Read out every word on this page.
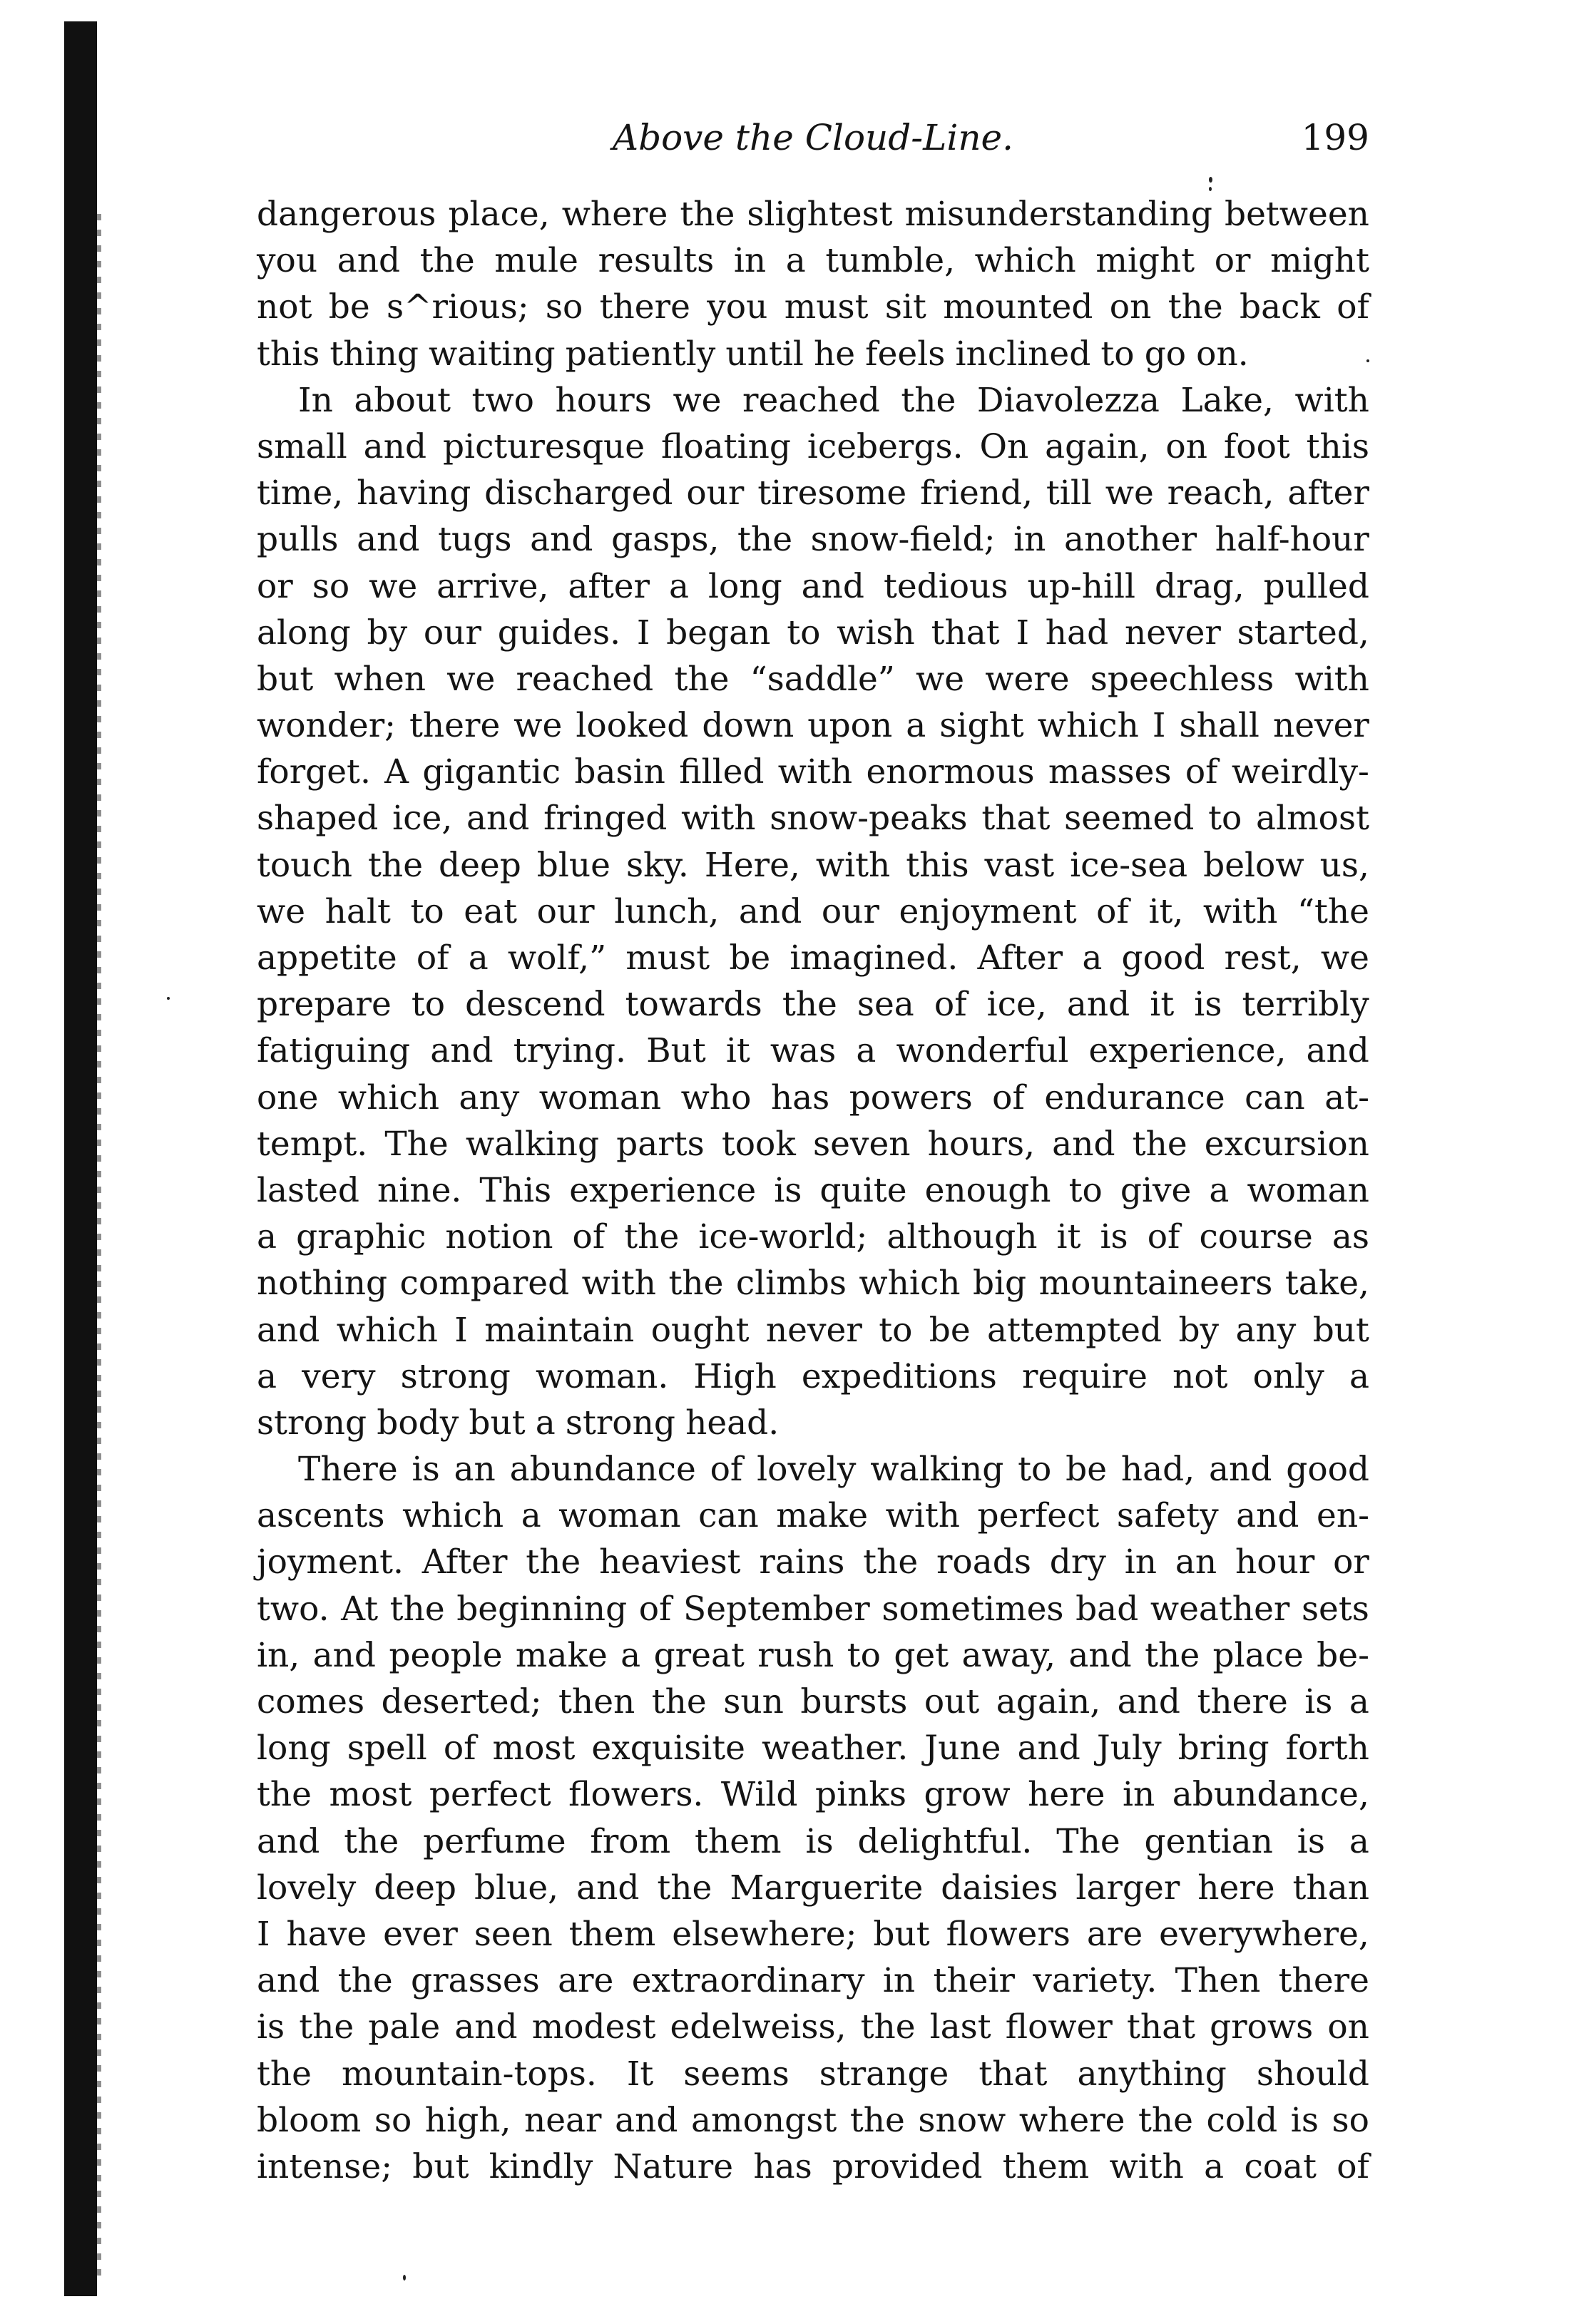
Above the Cloud-Line.	199
dangerous place, where the slightest misunderstanding between
you and the mule results in a tumble, which might or might
not be s^rious; so there you must sit mounted on the back of
this thing waiting patiently until he feels inclined to go on.
In about two hours we reached the Diavolezza Lake, with
small and picturesque floating icebergs. On again, on foot this
time, having discharged our tiresome friend, till we reach, after
pulls and tugs and gasps, the snow-field; in another half-hour
or so we arrive, after a long and tedious up-hill drag, pulled
along by our guides. I began to wish that I had never started,
but when we reached the “saddle” we were speechless with
wonder; there we looked down upon a sight which I shall never
forget. A gigantic basin filled with enormous masses of weirdly-
shaped ice, and fringed with snow-peaks that seemed to almost
touch the deep blue sky. Here, with this vast ice-sea below us,
we halt to eat our lunch, and our enjoyment of it, with “the
appetite of a wolf,” must be imagined. After a good rest, we
prepare to descend towards the sea of ice, and it is terribly
fatiguing and trying. But it was a wonderful experience, and
one which any woman who has powers of endurance can at-
tempt. The walking parts took seven hours, and the excursion
lasted nine. This experience is quite enough to give a woman
a graphic notion of the ice-world; although it is of course as
nothing compared with the climbs which big mountaineers take,
and which I maintain ought never to be attempted by any but
a very strong woman. High expeditions require not only a
strong body but a strong head.
There is an abundance of lovely walking to be had, and good
ascents which a woman can make with perfect safety and en-
joyment. After the heaviest rains the roads dry in an hour or
two. At the beginning of September sometimes bad weather sets
in, and people make a great rush to get away, and the place be-
comes deserted; then the sun bursts out again, and there is a
long spell of most exquisite weather. June and July bring forth
the most perfect flowers. Wild pinks grow here in abundance,
and the perfume from them is delightful. The gentian is a
lovely deep blue, and the Marguerite daisies larger here than
I have ever seen them elsewhere; but flowers are everywhere,
and the grasses are extraordinary in their variety. Then there
is the pale and modest edelweiss, the last flower that grows on
the mountain-tops. It seems strange that anything should
bloom so high, near and amongst the snow where the cold is so
intense; but kindly Nature has provided them with a coat of
